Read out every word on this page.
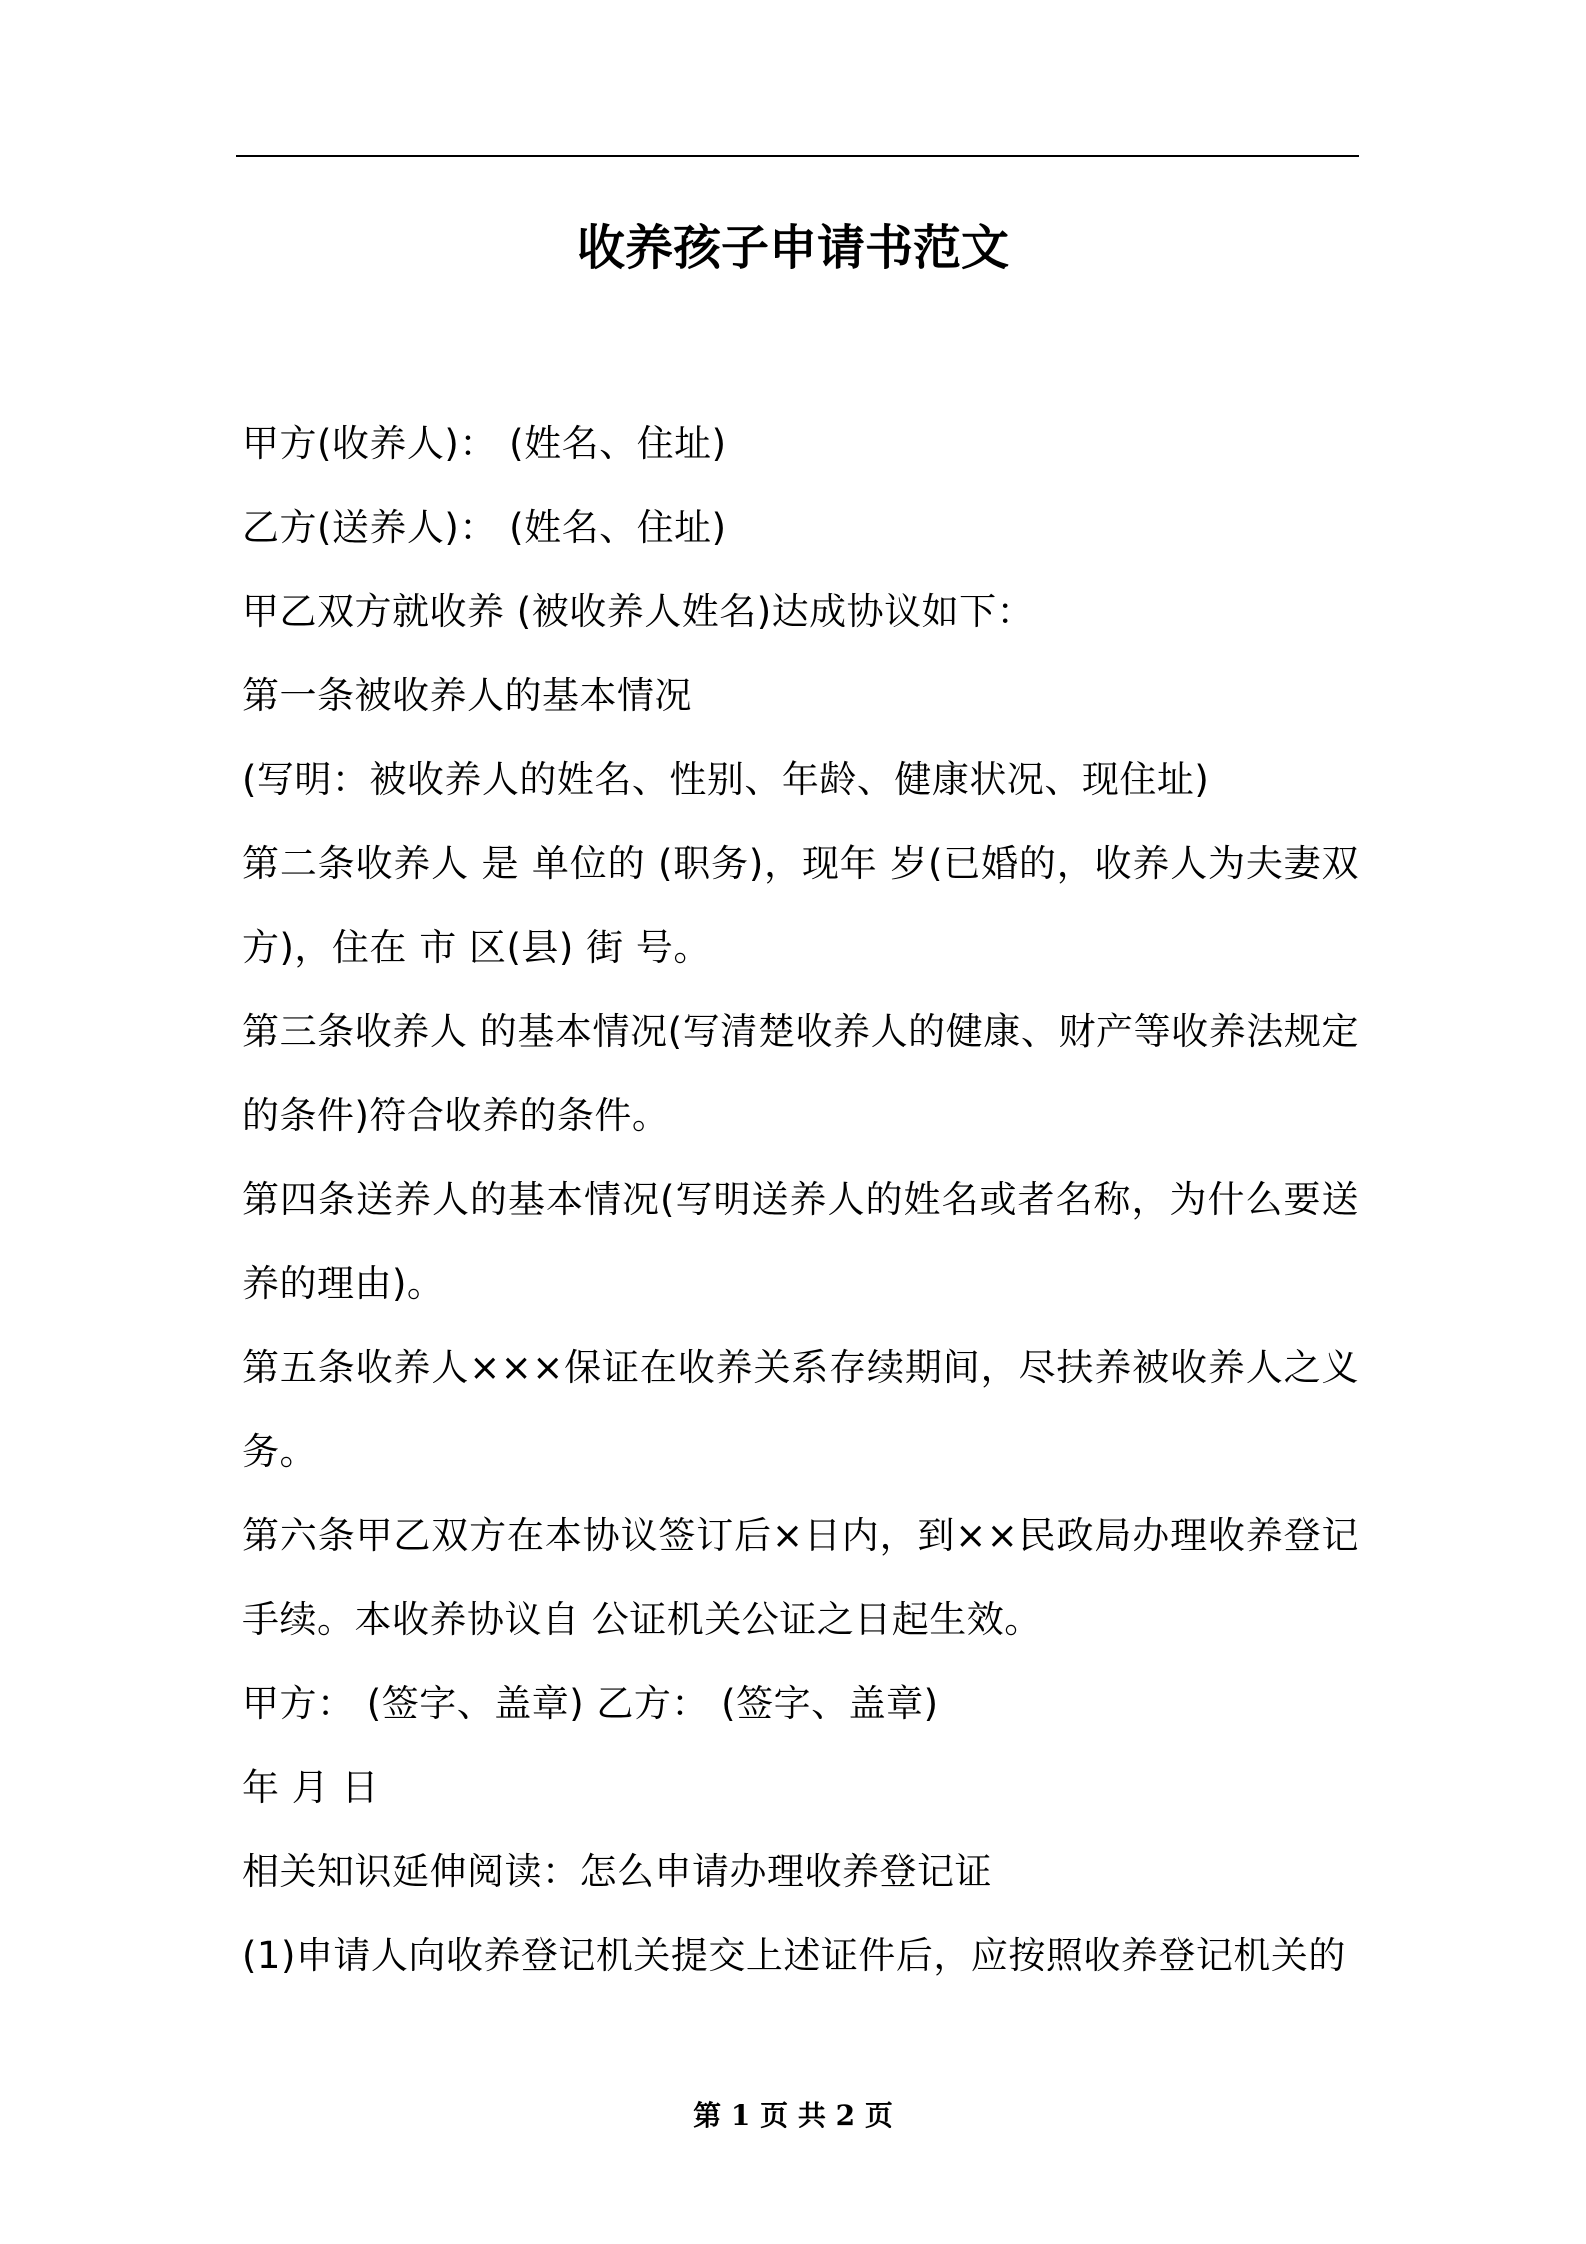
收养孩子申请书范文

甲方(收养人)： (姓名、住址)

乙方(送养人)： (姓名、住址)

甲乙双方就收养 (被收养人姓名)达成协议如下：

第一条被收养人的基本情况

(写明：被收养人的姓名、性别、年龄、健康状况、现住址)

第二条收养人 是 单位的 (职务)，现年 岁(已婚的，收养人为夫妻双方)，住在 市 区(县) 街 号。

第三条收养人 的基本情况(写清楚收养人的健康、财产等收养法规定的条件)符合收养的条件。

第四条送养人的基本情况(写明送养人的姓名或者名称，为什么要送养的理由)。

第五条收养人×××保证在收养关系存续期间，尽扶养被收养人之义务。

第六条甲乙双方在本协议签订后×日内，到××民政局办理收养登记手续。本收养协议自 公证机关公证之日起生效。

甲方： (签字、盖章) 乙方： (签字、盖章)

年 月 日

相关知识延伸阅读：怎么申请办理收养登记证

(1)申请人向收养登记机关提交上述证件后，应按照收养登记机关的

第 1 页 共 2 页
